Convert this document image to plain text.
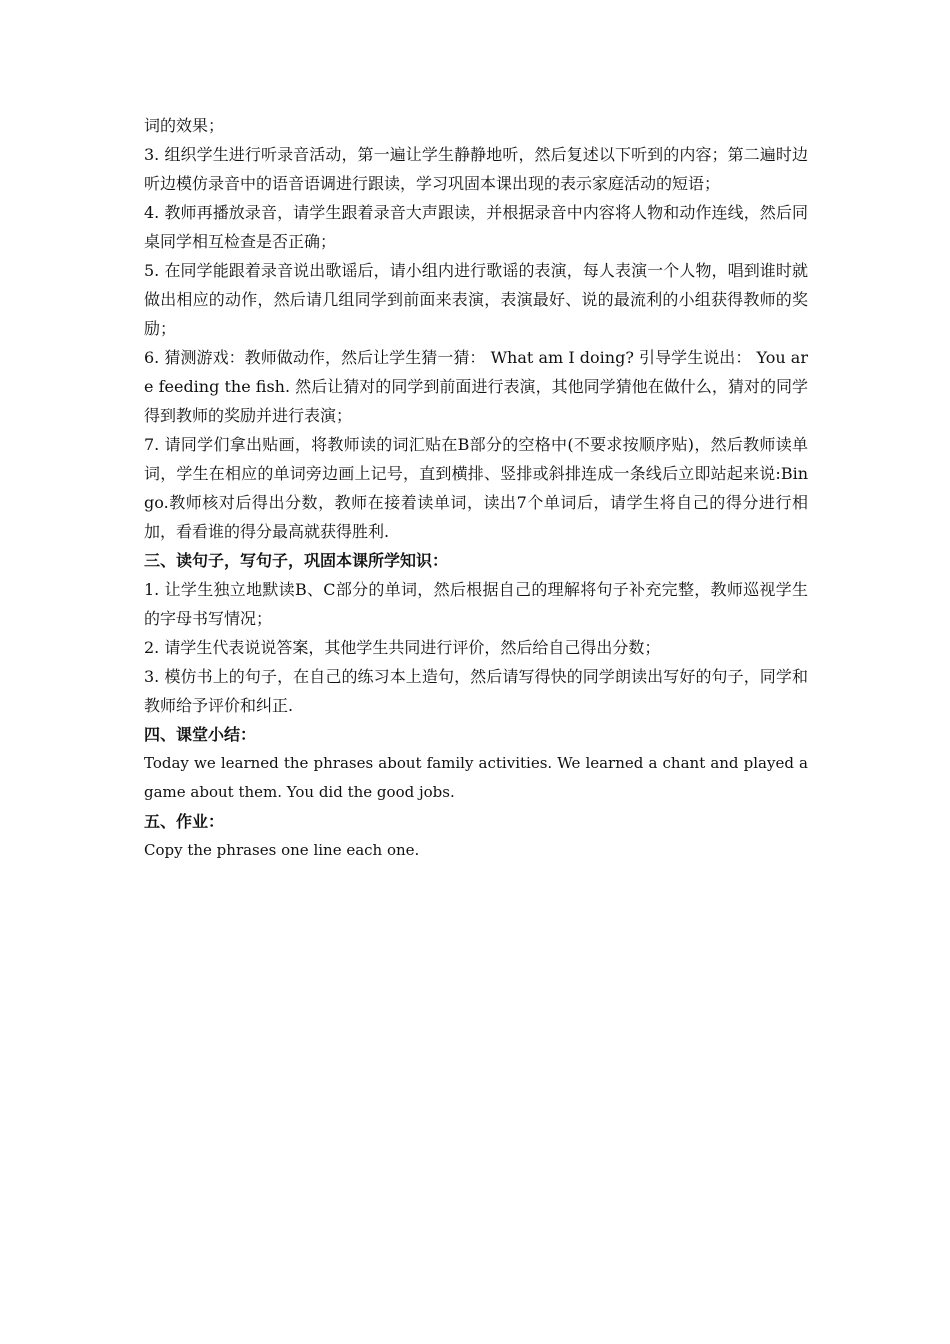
词的效果；

3. 组织学生进行听录音活动，第一遍让学生静静地听，然后复述以下听到的内容；第二遍时边听边模仿录音中的语音语调进行跟读，学习巩固本课出现的表示家庭活动的短语；

4. 教师再播放录音，请学生跟着录音大声跟读，并根据录音中内容将人物和动作连线，然后同桌同学相互检查是否正确；

5. 在同学能跟着录音说出歌谣后，请小组内进行歌谣的表演，每人表演一个人物，唱到谁时就做出相应的动作，然后请几组同学到前面来表演，表演最好、说的最流利的小组获得教师的奖励；

6. 猜测游戏：教师做动作，然后让学生猜一猜： What am I doing? 引导学生说出： You are feeding the fish. 然后让猜对的同学到前面进行表演，其他同学猜他在做什么，猜对的同学得到教师的奖励并进行表演；

7. 请同学们拿出贴画，将教师读的词汇贴在B部分的空格中(不要求按顺序贴)，然后教师读单词，学生在相应的单词旁边画上记号，直到横排、竖排或斜排连成一条线后立即站起来说:Bingo.教师核对后得出分数，教师在接着读单词，读出7个单词后，请学生将自己的得分进行相加，看看谁的得分最高就获得胜利.

三、读句子，写句子，巩固本课所学知识：

1. 让学生独立地默读B、C部分的单词，然后根据自己的理解将句子补充完整，教师巡视学生的字母书写情况；

2. 请学生代表说说答案，其他学生共同进行评价，然后给自己得出分数；

3. 模仿书上的句子，在自己的练习本上造句，然后请写得快的同学朗读出写好的句子，同学和教师给予评价和纠正.

四、课堂小结：

Today we learned the phrases about family activities. We learned a chant and played a game about them. You did the good jobs.

五、作业：

Copy the phrases one line each one.
